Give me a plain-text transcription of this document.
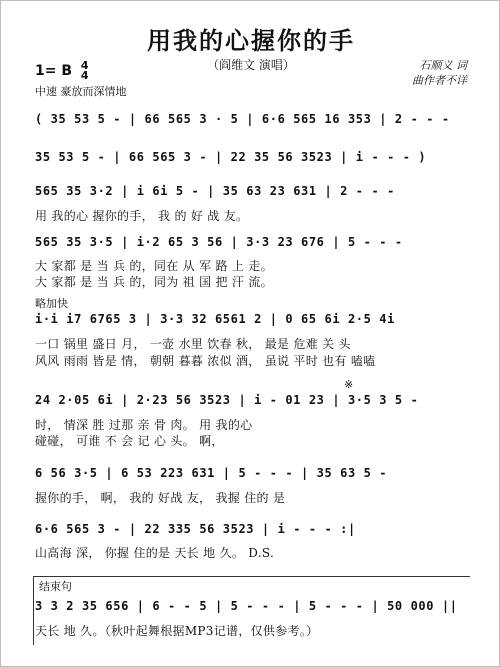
用我的心握你的手
（阎维文 演唱）
1= B 4
4
中速 豪放而深情地
石顺义 词
曲作者不详
( 35 53 5 - | 66 565 3 · 5 | 6·6 565 16 353 | 2 - - -
35 53 5 - | 66 565 3 - | 22 35 56 3523 | i - - - )
565 35 3·2 | i 6i 5 - | 35 63 23 631 | 2 - - -
用 我的心 握你的手， 我 的 好 战 友。
565 35 3·5 | i·2 65 3 56 | 3·3 23 676 | 5 - - -
大 家都 是 当 兵 的，同在 从 军 路 上 走。
大 家都 是 当 兵 的，同为 祖 国 把 汗 流。
略加快
i·i i7 6765 3 | 3·3 32 6561 2 | 0 65 6i 2·5 4i
一口 锅里 盛日 月， 一壶 水里 饮春 秋， 最是 危难 关 头
风风 雨雨 皆是 情， 朝朝 暮暮 浓似 酒， 虽说 平时 也有 嗑嗑
24 2·05 6i | 2·23 56 3523 | i - 01 23 | 3·5 3 5 -
时， 情深 胜 过那 亲 骨 肉。 用 我的心
碰碰， 可谁 不 会 记 心 头。 啊，
※
6 56 3·5 | 6 53 223 631 | 5 - - - | 35 63 5 -
握你的手， 啊， 我的 好战 友， 我握 住的 是
6·6 565 3 - | 22 335 56 3523 | i - - - :|
山高海 深， 你握 住的是 天长 地 久。 D.S.
结束句
3 3 2 35 656 | 6 - - 5 | 5 - - - | 5 - - - | 50 000 ||
天长 地 久。（秋叶起舞根据MP3记谱，仅供参考。）
